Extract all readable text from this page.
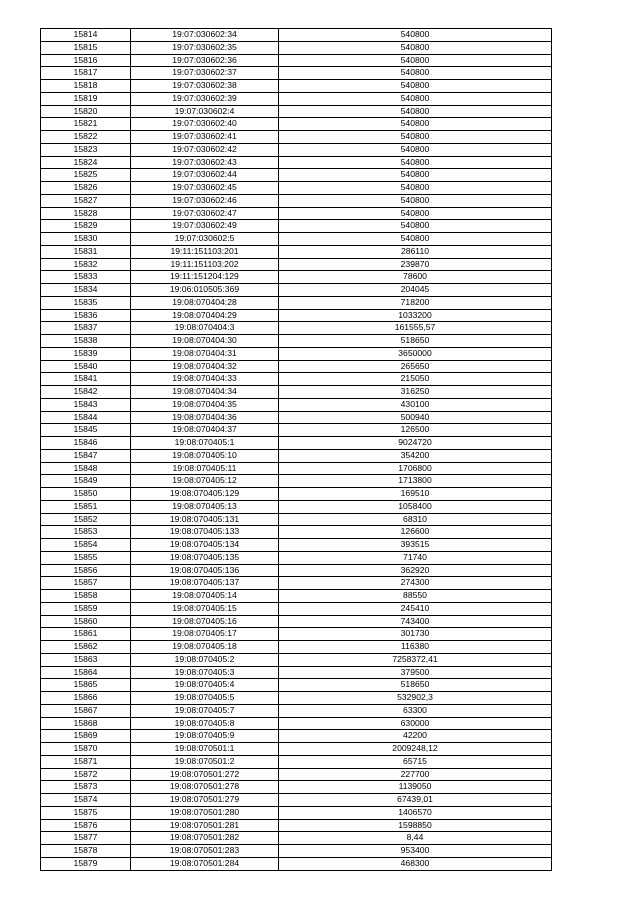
15814	19:07:030602:34	540800
15815	19:07:030602:35	540800
15816	19:07:030602:36	540800
15817	19:07:030602:37	540800
15818	19:07:030602:38	540800
15819	19:07:030602:39	540800
15820	19:07:030602:4	540800
15821	19:07:030602:40	540800
15822	19:07:030602:41	540800
15823	19:07:030602:42	540800
15824	19:07:030602:43	540800
15825	19:07:030602:44	540800
15826	19:07:030602:45	540800
15827	19:07:030602:46	540800
15828	19:07:030602:47	540800
15829	19:07:030602:49	540800
15830	19:07:030602:5	540800
15831	19:11:151103:201	286110
15832	19:11:151103:202	239870
15833	19:11:151204:129	78600
15834	19:06:010505:369	204045
15835	19:08:070404:28	718200
15836	19:08:070404:29	1033200
15837	19:08:070404:3	161555,57
15838	19:08:070404:30	518650
15839	19:08:070404:31	3650000
15840	19:08:070404:32	265650
15841	19:08:070404:33	215050
15842	19:08:070404:34	316250
15843	19:08:070404:35	430100
15844	19:08:070404:36	500940
15845	19:08:070404:37	126500
15846	19:08:070405:1	9024720
15847	19:08:070405:10	354200
15848	19:08:070405:11	1706800
15849	19:08:070405:12	1713800
15850	19:08:070405:129	169510
15851	19:08:070405:13	1058400
15852	19:08:070405:131	68310
15853	19:08:070405:133	126600
15854	19:08:070405:134	393515
15855	19:08:070405:135	71740
15856	19:08:070405:136	362920
15857	19:08:070405:137	274300
15858	19:08:070405:14	88550
15859	19:08:070405:15	245410
15860	19:08:070405:16	743400
15861	19:08:070405:17	301730
15862	19:08:070405:18	116380
15863	19:08:070405:2	7258372,41
15864	19:08:070405:3	379500
15865	19:08:070405:4	518650
15866	19:08:070405:5	532902,3
15867	19:08:070405:7	63300
15868	19:08:070405:8	630000
15869	19:08:070405:9	42200
15870	19:08:070501:1	2009248,12
15871	19:08:070501:2	65715
15872	19:08:070501:272	227700
15873	19:08:070501:278	1139050
15874	19:08:070501:279	67439,01
15875	19:08:070501:280	1406570
15876	19:08:070501:281	1598850
15877	19:08:070501:282	8,44
15878	19:08:070501:283	953400
15879	19:08:070501:284	468300
